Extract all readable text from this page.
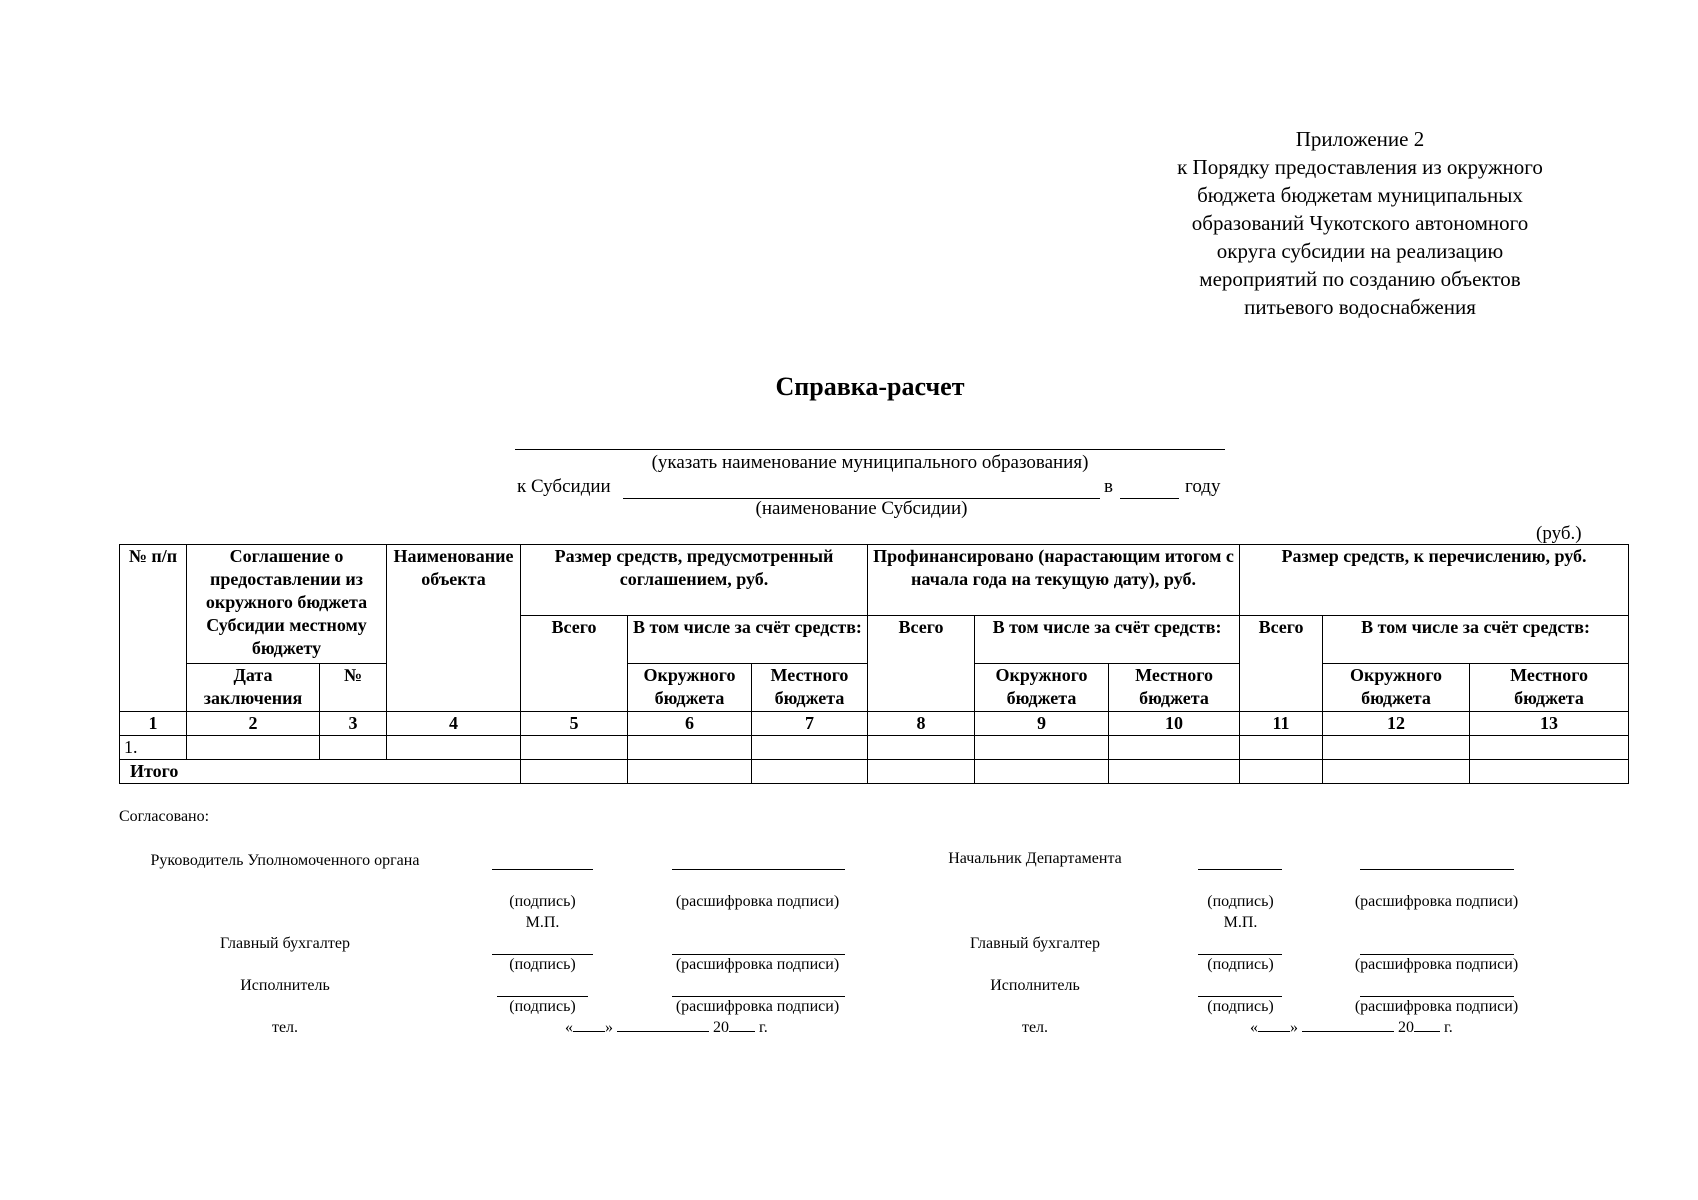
Приложение 2
к Порядку предоставления из окружного
бюджета бюджетам муниципальных
образований Чукотского автономного
округа субсидии на реализацию
мероприятий по созданию объектов
питьевого водоснабжения
Справка-расчет
(указать наименование муниципального образования)
к Субсидии	в	году
(наименование Субсидии)
(руб.)
№ п/п	Соглашение о предоставлении из окружного бюджета Субсидии местному бюджету		Наименование объекта	Размер средств, предусмотренный соглашением, руб.			Профинансировано (нарастающим итогом с начала года на текущую дату), руб.			Размер средств, к перечислению, руб.		
				Всего	В том числе за счёт средств:		Всего	В том числе за счёт средств:		Всего	В том числе за счёт средств:	
	Дата заключения	№			Окружного бюджета	Местного бюджета		Окружного бюджета	Местного бюджета		Окружного бюджета	Местного бюджета
1	2	3	4	5	6	7	8	9	10	11	12	13
1.												
Итого												
Согласовано:
Руководитель Уполномоченного органа
(подпись)	(расшифровка подписи)
М.П.
Главный бухгалтер
(подпись)	(расшифровка подписи)
Исполнитель
(подпись)	(расшифровка подписи)
тел.	« »	20 г.
Начальник Департамента
(подпись)	(расшифровка подписи)
М.П.
Главный бухгалтер
(подпись)	(расшифровка подписи)
Исполнитель
(подпись)	(расшифровка подписи)
тел.	« »	20 г.
